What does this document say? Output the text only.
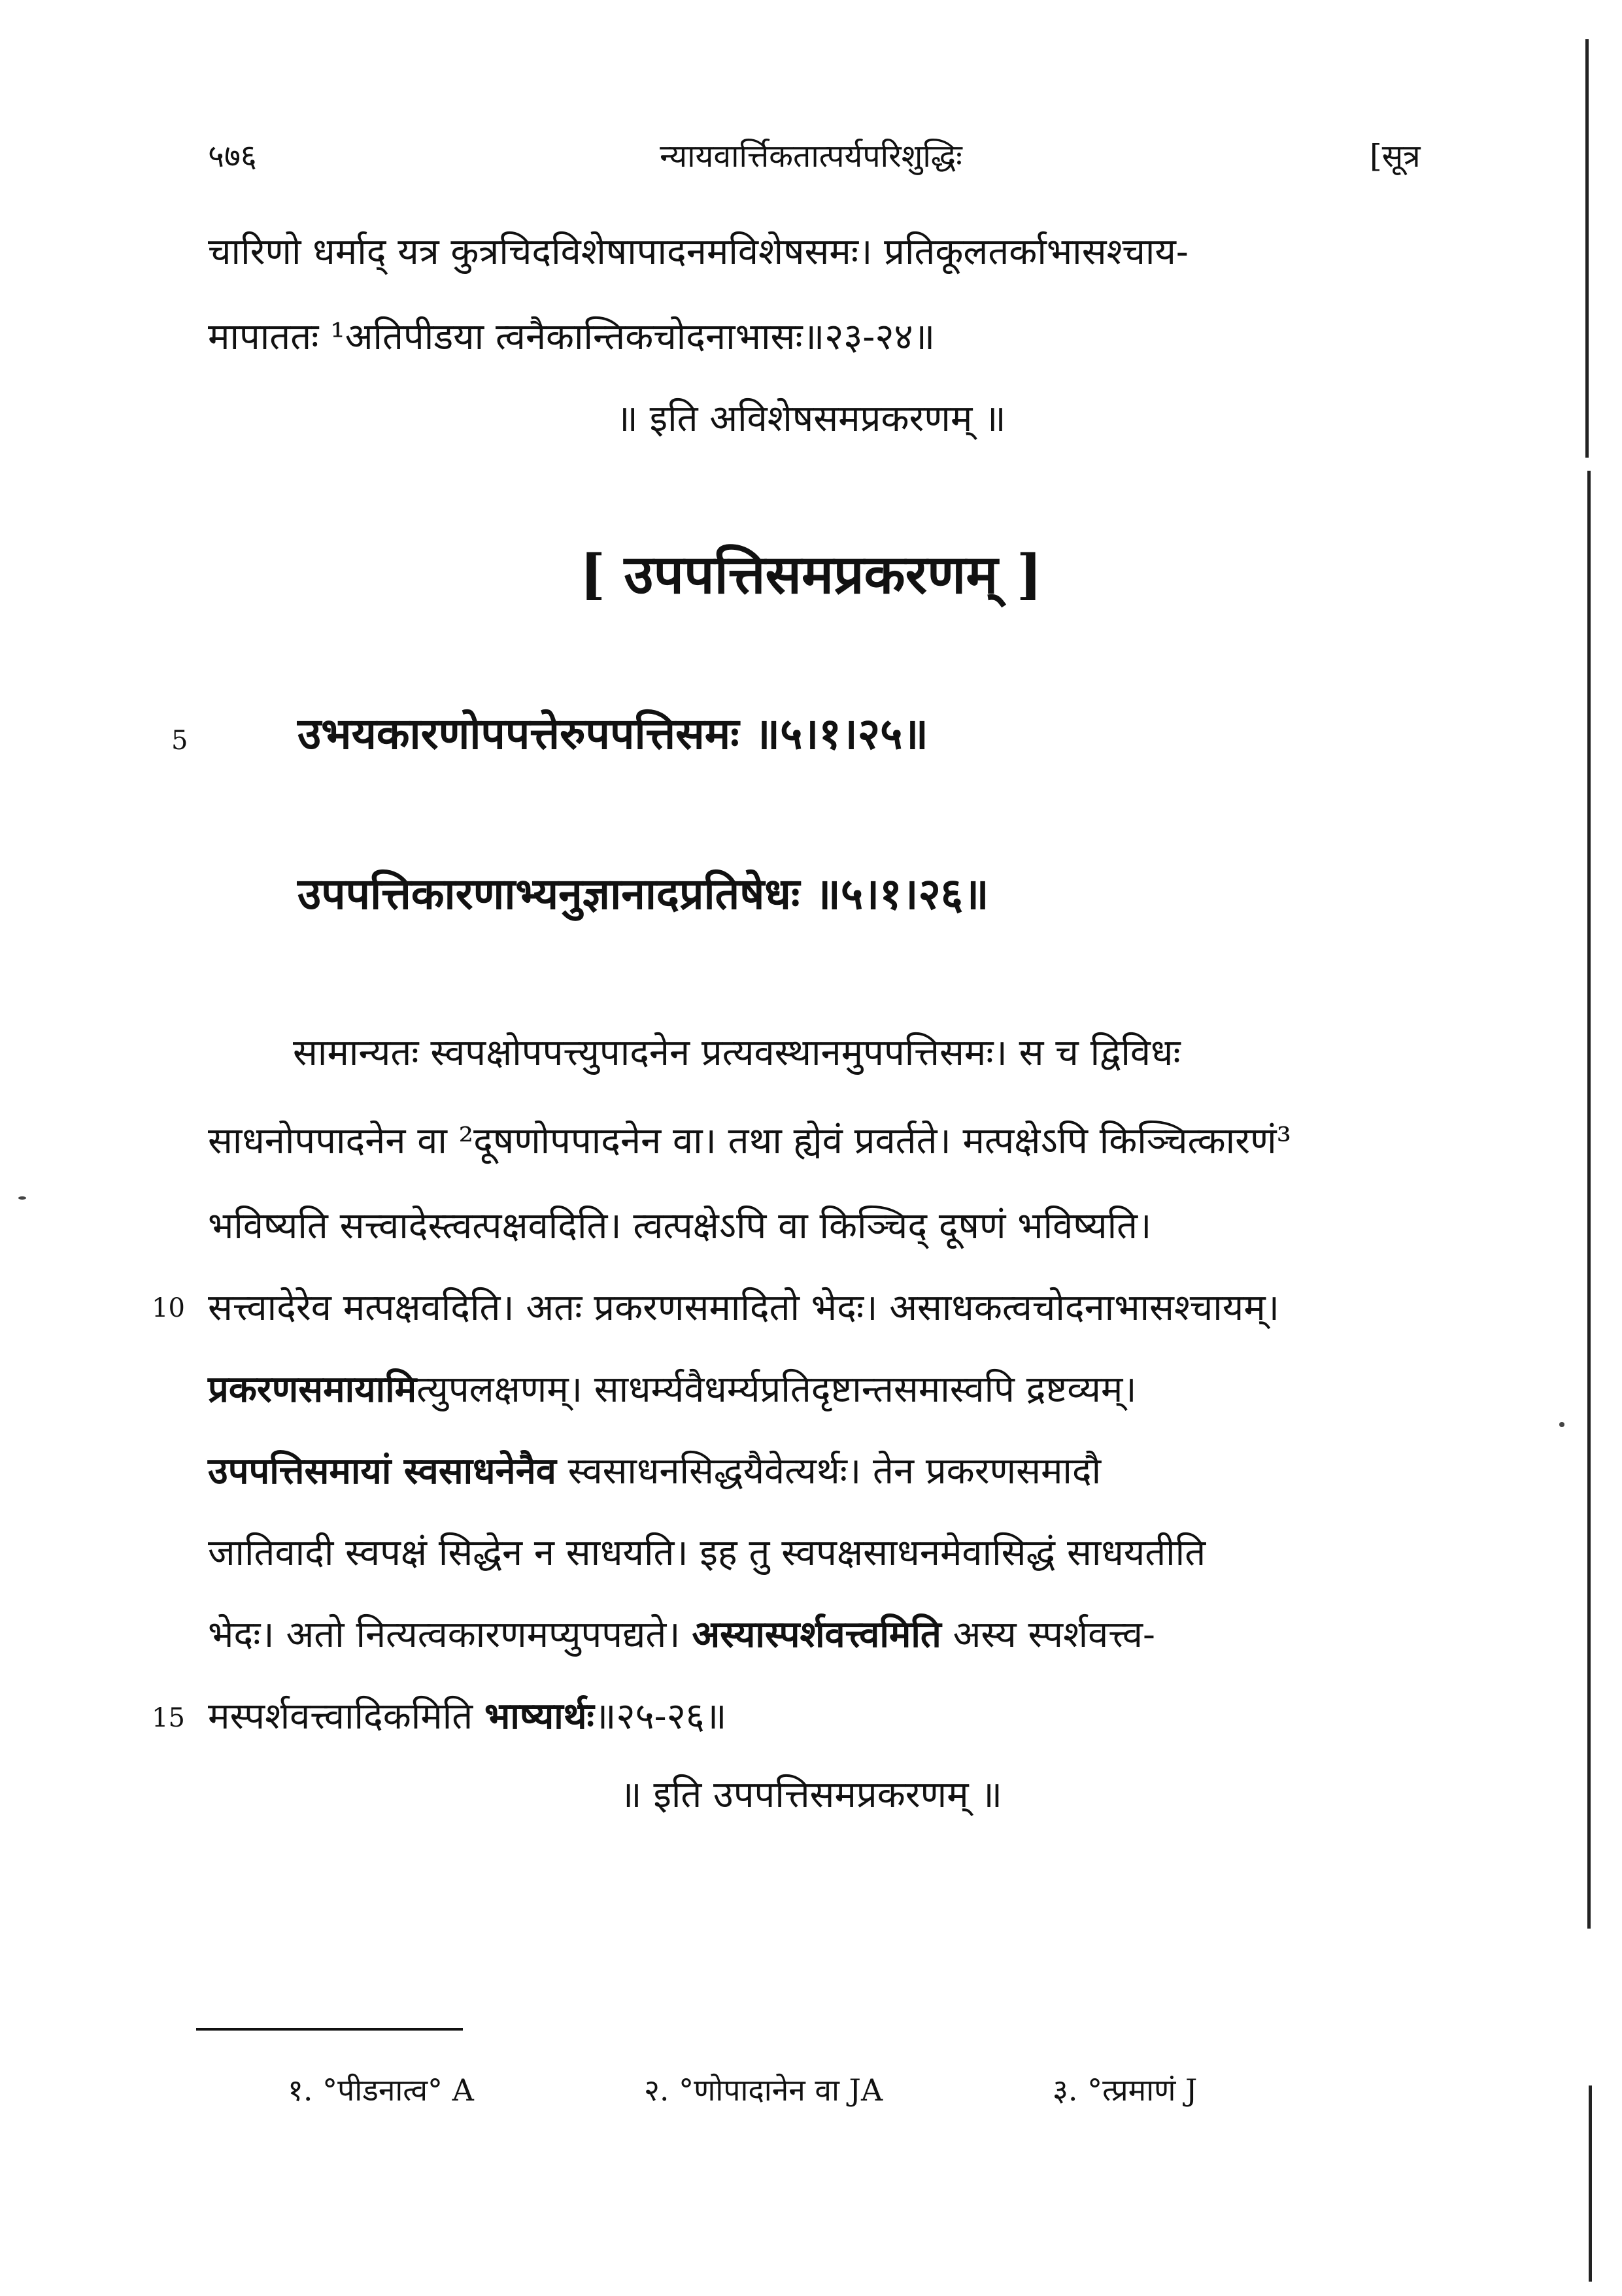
५७६	न्यायवार्त्तिकतात्पर्यपरिशुद्धिः	[सूत्र
चारिणो धर्माद् यत्र कुत्रचिदविशेषापादनमविशेषसमः। प्रतिकूलतर्काभासश्चाय-
मापाततः ¹अतिपीडया त्वनैकान्तिकचोदनाभासः॥२३-२४॥
॥ इति अविशेषसमप्रकरणम् ॥
[ उपपत्तिसमप्रकरणम् ]
5	उभयकारणोपपत्तेरुपपत्तिसमः ॥५।१।२५॥
उपपत्तिकारणाभ्यनुज्ञानादप्रतिषेधः ॥५।१।२६॥
सामान्यतः स्वपक्षोपपत्त्युपादनेन प्रत्यवस्थानमुपपत्तिसमः। स च द्विविधः
साधनोपपादनेन वा ²दूषणोपपादनेन वा। तथा ह्येवं प्रवर्तते। मत्पक्षेऽपि किञ्चित्कारणं³
भविष्यति सत्त्वादेस्त्वत्पक्षवदिति। त्वत्पक्षेऽपि वा किञ्चिद् दूषणं भविष्यति।
10 सत्त्वादेरेव मत्पक्षवदिति। अतः प्रकरणसमादितो भेदः। असाधकत्वचोदनाभासश्चायम्।
प्रकरणसमायामित्युपलक्षणम्। साधर्म्यवैधर्म्यप्रतिदृष्टान्तसमास्वपि द्रष्टव्यम्।
उपपत्तिसमायां स्वसाधनेनैव स्वसाधनसिद्धयैवेत्यर्थः। तेन प्रकरणसमादौ
जातिवादी स्वपक्षं सिद्धेन न साधयति। इह तु स्वपक्षसाधनमेवासिद्धं साधयतीति
भेदः। अतो नित्यत्वकारणमप्युपपद्यते। अस्यास्पर्शवत्त्वमिति अस्य स्पर्शवत्त्व-
15 मस्पर्शवत्त्वादिकमिति भाष्यार्थः॥२५-२६॥
॥ इति उपपत्तिसमप्रकरणम् ॥
१. °पीडनात्व° A	२. °णोपादानेन वा JA	३. °त्प्रमाणं J
